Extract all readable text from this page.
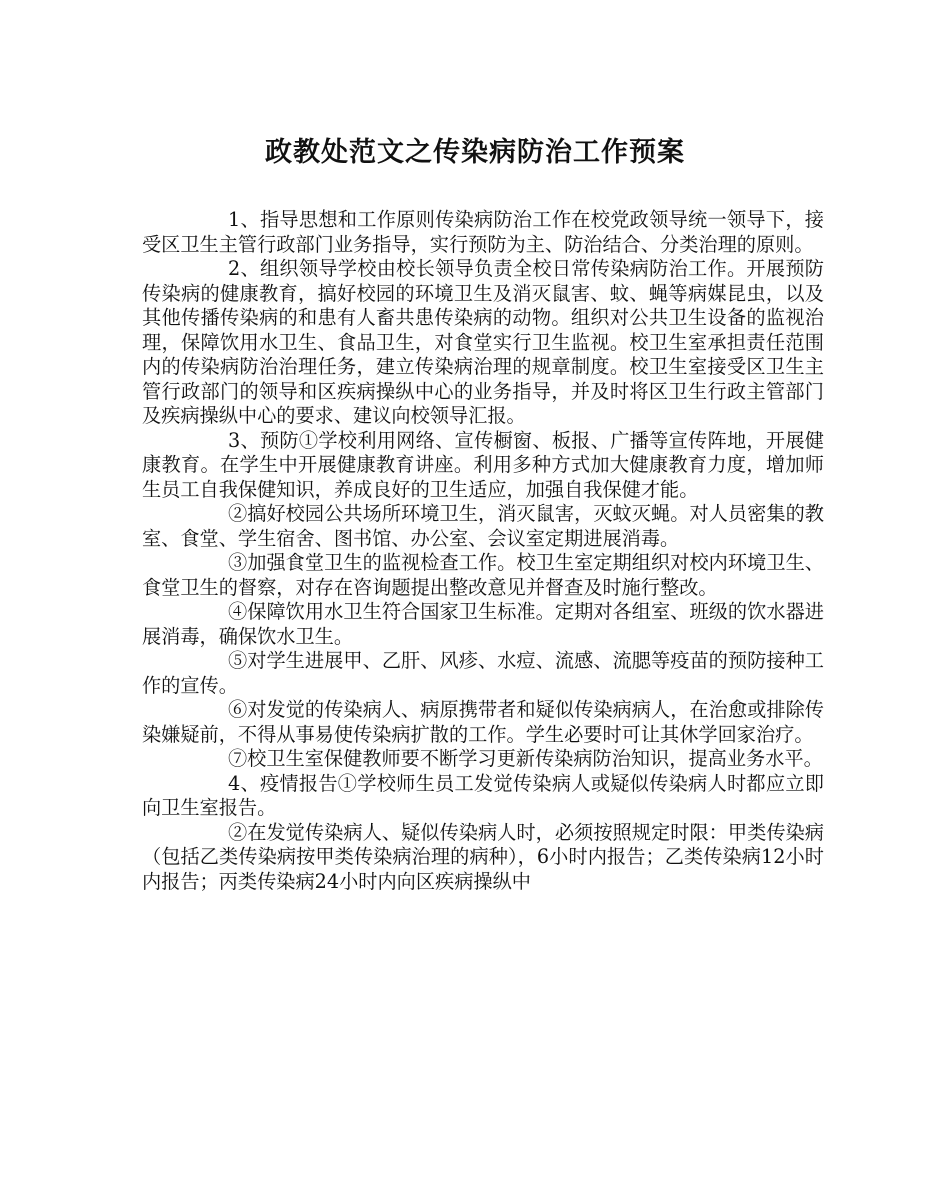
政教处范文之传染病防治工作预案

1、指导思想和工作原则传染病防治工作在校党政领导统一领导下，接受区卫生主管行政部门业务指导，实行预防为主、防治结合、分类治理的原则。

2、组织领导学校由校长领导负责全校日常传染病防治工作。开展预防传染病的健康教育，搞好校园的环境卫生及消灭鼠害、蚊、蝇等病媒昆虫，以及其他传播传染病的和患有人畜共患传染病的动物。组织对公共卫生设备的监视治理，保障饮用水卫生、食品卫生，对食堂实行卫生监视。校卫生室承担责任范围内的传染病防治治理任务，建立传染病治理的规章制度。校卫生室接受区卫生主管行政部门的领导和区疾病操纵中心的业务指导，并及时将区卫生行政主管部门及疾病操纵中心的要求、建议向校领导汇报。

3、预防①学校利用网络、宣传橱窗、板报、广播等宣传阵地，开展健康教育。在学生中开展健康教育讲座。利用多种方式加大健康教育力度，增加师生员工自我保健知识，养成良好的卫生适应，加强自我保健才能。

②搞好校园公共场所环境卫生，消灭鼠害，灭蚊灭蝇。对人员密集的教室、食堂、学生宿舍、图书馆、办公室、会议室定期进展消毒。

③加强食堂卫生的监视检查工作。校卫生室定期组织对校内环境卫生、食堂卫生的督察，对存在咨询题提出整改意见并督查及时施行整改。

④保障饮用水卫生符合国家卫生标准。定期对各组室、班级的饮水器进展消毒，确保饮水卫生。

⑤对学生进展甲、乙肝、风疹、水痘、流感、流腮等疫苗的预防接种工作的宣传。

⑥对发觉的传染病人、病原携带者和疑似传染病病人，在治愈或排除传染嫌疑前，不得从事易使传染病扩散的工作。学生必要时可让其休学回家治疗。

⑦校卫生室保健教师要不断学习更新传染病防治知识，提高业务水平。

4、疫情报告①学校师生员工发觉传染病人或疑似传染病人时都应立即向卫生室报告。

②在发觉传染病人、疑似传染病人时，必须按照规定时限：甲类传染病（包括乙类传染病按甲类传染病治理的病种），6小时内报告；乙类传染病12小时内报告；丙类传染病24小时内向区疾病操纵中
